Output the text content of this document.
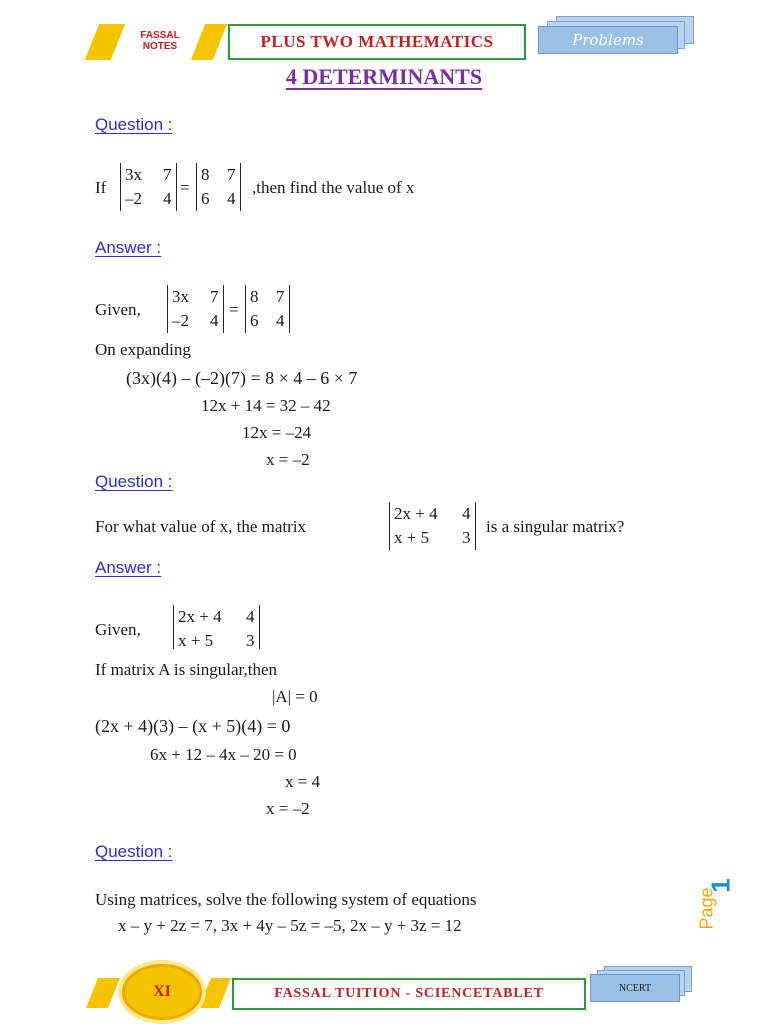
FASSAL
NOTES	PLUS TWO MATHEMATICS	Problems
4 DETERMINANTS
Question :
If
3x	7
–2	4
=
8	7
6	4
,then find the value of x
Answer :
Given,
3x	7
–2	4
=
8	7
6	4
On expanding
(3x)(4) – (–2)(7) = 8 × 4 – 6 × 7
12x + 14 = 32 – 42
12x = –24
x = –2
Question :
For what value of x, the matrix
2x + 4	4
x + 5	3
is a singular matrix?
Answer :
Given,
2x + 4	4
x + 5	3
If matrix A is singular,then
|A| = 0
(2x + 4)(3) – (x + 5)(4) = 0
6x + 12 – 4x – 20 = 0
x = 4
x = –2
Question :
Using matrices, solve the following system of equations
x – y + 2z = 7, 3x + 4y – 5z = –5, 2x – y + 3z = 12	Page
1
XI	FASSAL TUITION - SCIENCETABLET	NCERT
